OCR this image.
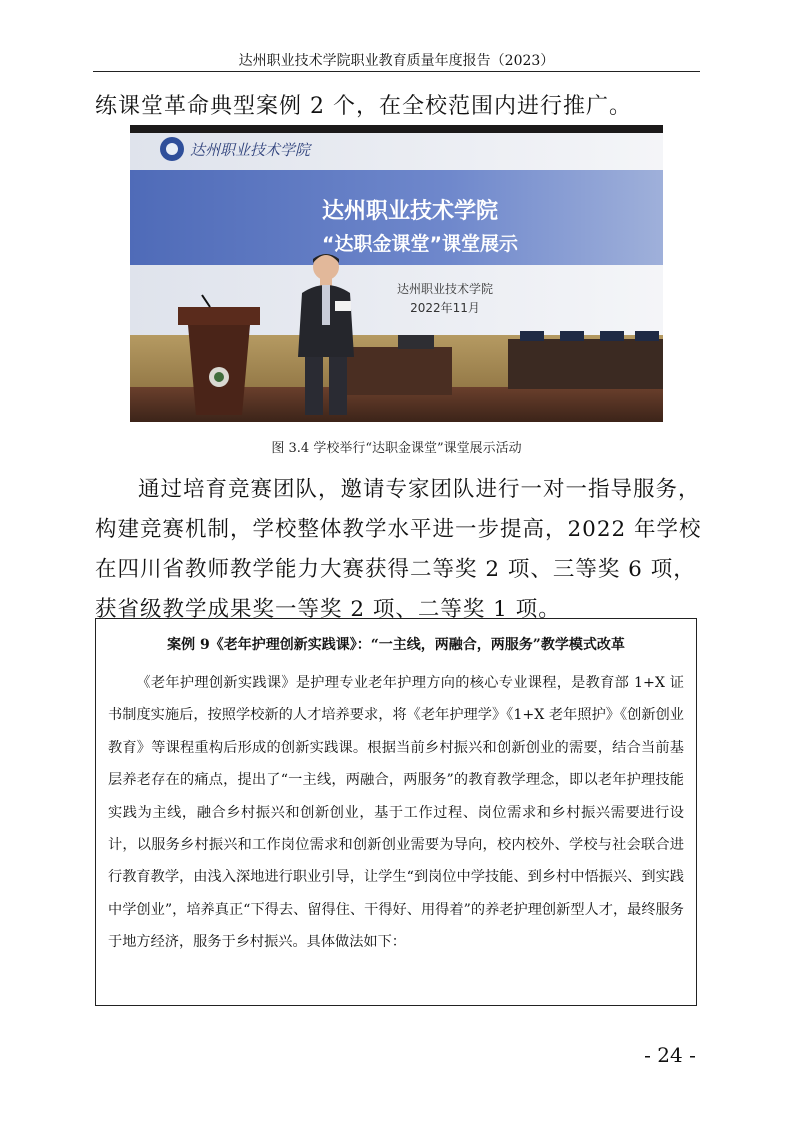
达州职业技术学院职业教育质量年度报告（2023）
练课堂革命典型案例 2 个，在全校范围内进行推广。
达州职业技术学院
达州职业技术学院
“达职金课堂”课堂展示
达州职业技术学院
2022年11月
图 3.4 学校举行“达职金课堂”课堂展示活动

通过培育竞赛团队，邀请专家团队进行一对一指导服务，构建竞赛机制，学校整体教学水平进一步提高，2022 年学校在四川省教师教学能力大赛获得二等奖 2 项、三等奖 6 项，获省级教学成果奖一等奖 2 项、二等奖 1 项。

案例 9《老年护理创新实践课》：“一主线，两融合，两服务”教学模式改革

《老年护理创新实践课》是护理专业老年护理方向的核心专业课程，是教育部 1+X 证书制度实施后，按照学校新的人才培养要求，将《老年护理学》《1+X 老年照护》《创新创业教育》等课程重构后形成的创新实践课。根据当前乡村振兴和创新创业的需要，结合当前基层养老存在的痛点，提出了“一主线，两融合，两服务”的教育教学理念，即以老年护理技能实践为主线，融合乡村振兴和创新创业，基于工作过程、岗位需求和乡村振兴需要进行设计，以服务乡村振兴和工作岗位需求和创新创业需要为导向，校内校外、学校与社会联合进行教育教学，由浅入深地进行职业引导，让学生“到岗位中学技能、到乡村中悟振兴、到实践中学创业”，培养真正“下得去、留得住、干得好、用得着”的养老护理创新型人才，最终服务于地方经济，服务于乡村振兴。具体做法如下：

- 24 -
